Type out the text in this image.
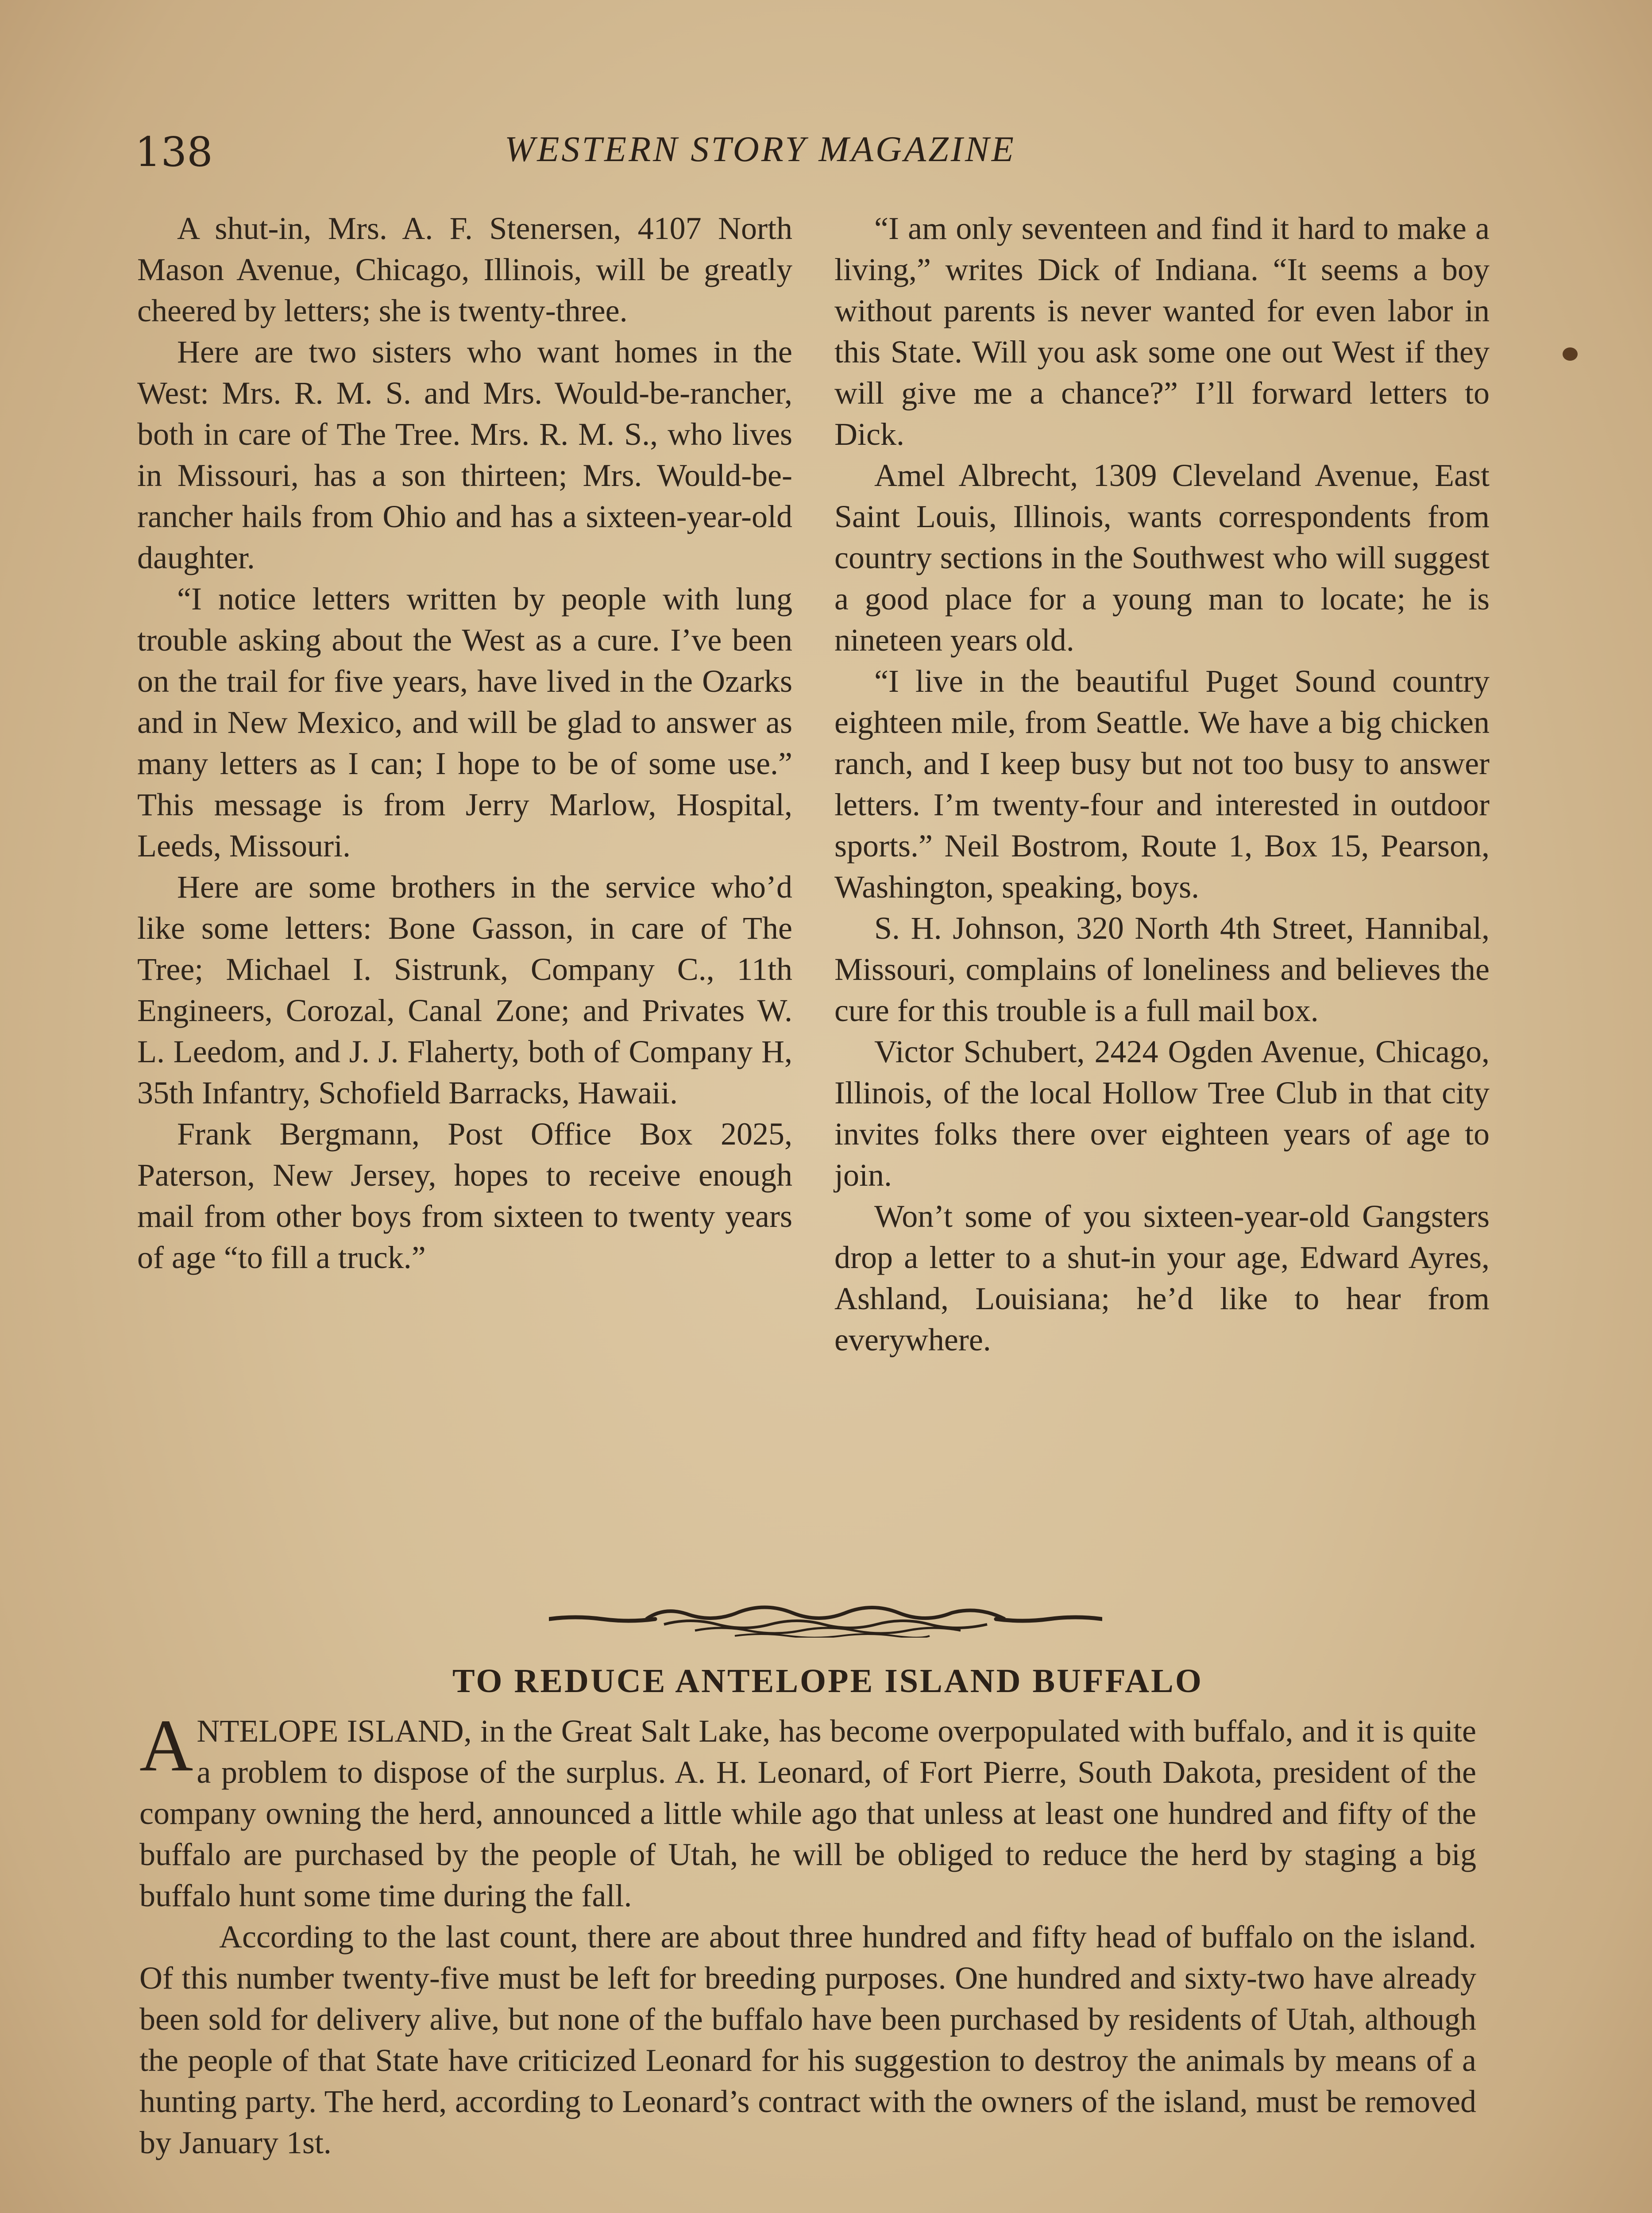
138	WESTERN STORY MAGAZINE

A shut-in, Mrs. A. F. Stenersen, 4107 North Mason Avenue, Chicago, Illinois, will be greatly cheered by letters; she is twenty-three.

Here are two sisters who want homes in the West: Mrs. R. M. S. and Mrs. Would-be-rancher, both in care of The Tree. Mrs. R. M. S., who lives in Missouri, has a son thirteen; Mrs. Would-be-rancher hails from Ohio and has a sixteen-year-old daughter.

“I notice letters written by people with lung trouble asking about the West as a cure. I’ve been on the trail for five years, have lived in the Ozarks and in New Mexico, and will be glad to answer as many letters as I can; I hope to be of some use.” This message is from Jerry Marlow, Hospital, Leeds, Missouri.

Here are some brothers in the service who’d like some letters: Bone Gasson, in care of The Tree; Michael I. Sistrunk, Company C., 11th Engineers, Corozal, Canal Zone; and Privates W. L. Leedom, and J. J. Flaherty, both of Company H, 35th Infantry, Schofield Barracks, Hawaii.

Frank Bergmann, Post Office Box 2025, Paterson, New Jersey, hopes to receive enough mail from other boys from sixteen to twenty years of age “to fill a truck.”

“I am only seventeen and find it hard to make a living,” writes Dick of Indiana. “It seems a boy without parents is never wanted for even labor in this State. Will you ask some one out West if they will give me a chance?” I’ll forward letters to Dick.

Amel Albrecht, 1309 Cleveland Avenue, East Saint Louis, Illinois, wants correspondents from country sections in the Southwest who will suggest a good place for a young man to locate; he is nineteen years old.

“I live in the beautiful Puget Sound country eighteen mile, from Seattle. We have a big chicken ranch, and I keep busy but not too busy to answer letters. I’m twenty-four and interested in outdoor sports.” Neil Bostrom, Route 1, Box 15, Pearson, Washington, speaking, boys.

S. H. Johnson, 320 North 4th Street, Hannibal, Missouri, complains of loneliness and believes the cure for this trouble is a full mail box.

Victor Schubert, 2424 Ogden Avenue, Chicago, Illinois, of the local Hollow Tree Club in that city invites folks there over eighteen years of age to join.

Won’t some of you sixteen-year-old Gangsters drop a letter to a shut-in your age, Edward Ayres, Ashland, Louisiana; he’d like to hear from everywhere.

TO REDUCE ANTELOPE ISLAND BUFFALO

ANTELOPE ISLAND, in the Great Salt Lake, has become overpopulated with buffalo, and it is quite a problem to dispose of the surplus. A. H. Leonard, of Fort Pierre, South Dakota, president of the company owning the herd, announced a little while ago that unless at least one hundred and fifty of the buffalo are purchased by the people of Utah, he will be obliged to reduce the herd by staging a big buffalo hunt some time during the fall.

According to the last count, there are about three hundred and fifty head of buffalo on the island. Of this number twenty-five must be left for breeding purposes. One hundred and sixty-two have already been sold for delivery alive, but none of the buffalo have been purchased by residents of Utah, although the people of that State have criticized Leonard for his suggestion to destroy the animals by means of a hunting party. The herd, according to Leonard’s contract with the owners of the island, must be removed by January 1st.
